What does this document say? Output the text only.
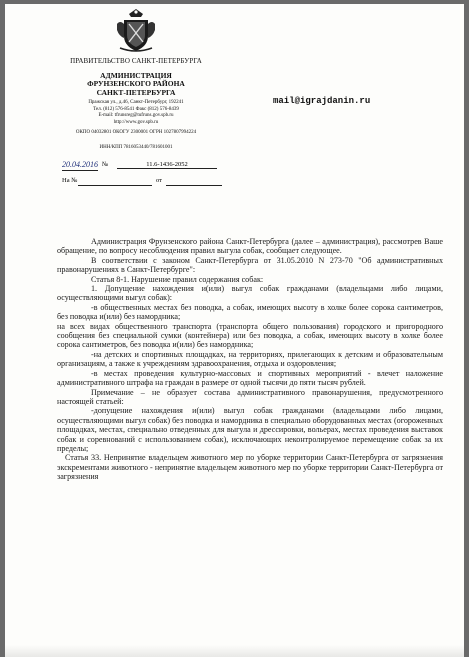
ПРАВИТЕЛЬСТВО САНКТ-ПЕТЕРБУРГА
АДМИНИСТРАЦИЯ
ФРУНЗЕНСКОГО РАЙОНА
САНКТ-ПЕТЕРБУРГА
Пражская ул., д.46, Санкт-Петербург, 192241
Тел. (812) 576-8541 Факс (812) 576-8439
E-mail: tfrunsreg@tufruns.gov.spb.ru
http://www.gov.spb.ru
ОКПО 04032801 ОКОГУ 2300001 ОГРН 1027807994224
ИНН/КПП 7816053440/781601001
mail@igrajdanin.ru
20.04.2016 №	11.6-1436-2052
На №	от

Администрация Фрунзенского района Санкт-Петербурга (далее – администрация), рассмотрев Ваше обращение, по вопросу несоблюдения правил выгула собак, сообщает следующее.

В соответствии с законом Санкт-Петербурга от 31.05.2010 N 273-70 "Об административных правонарушениях в Санкт-Петербурге":

Статья 8-1. Нарушение правил содержания собак:

1. Допущение нахождения и(или) выгул собак гражданами (владельцами либо лицами, осуществляющими выгул собак):

-в общественных местах без поводка, а собак, имеющих высоту в холке более сорока сантиметров, без поводка и(или) без намордника;

на всех видах общественного транспорта (транспорта общего пользования) городского и пригородного сообщения без специальной сумки (контейнера) или без поводка, а собак, имеющих высоту в холке более сорока сантиметров, без поводка и(или) без намордника;

-на детских и спортивных площадках, на территориях, прилегающих к детским и образовательным организациям, а также к учреждениям здравоохранения, отдыха и оздоровления;

-в местах проведения культурно-массовых и спортивных мероприятий - влечет наложение административного штрафа на граждан в размере от одной тысячи до пяти тысяч рублей.

Примечание – не образует состава административного правонарушения, предусмотренного настоящей статьей:

-допущение нахождения и(или) выгул собак гражданами (владельцами либо лицами, осуществляющими выгул собак) без поводка и намордника в специально оборудованных местах (огороженных площадках, местах, специально отведенных для выгула и дрессировки, вольерах, местах проведения выставок собак и соревнований с использованием собак), исключающих неконтролируемое перемещение собак за их пределы;

Статья 33. Непринятие владельцем животного мер по уборке территории Санкт-Петербурга от загрязнения экскрементами животного - непринятие владельцем животного мер по уборке территории Санкт-Петербурга от загрязнения
